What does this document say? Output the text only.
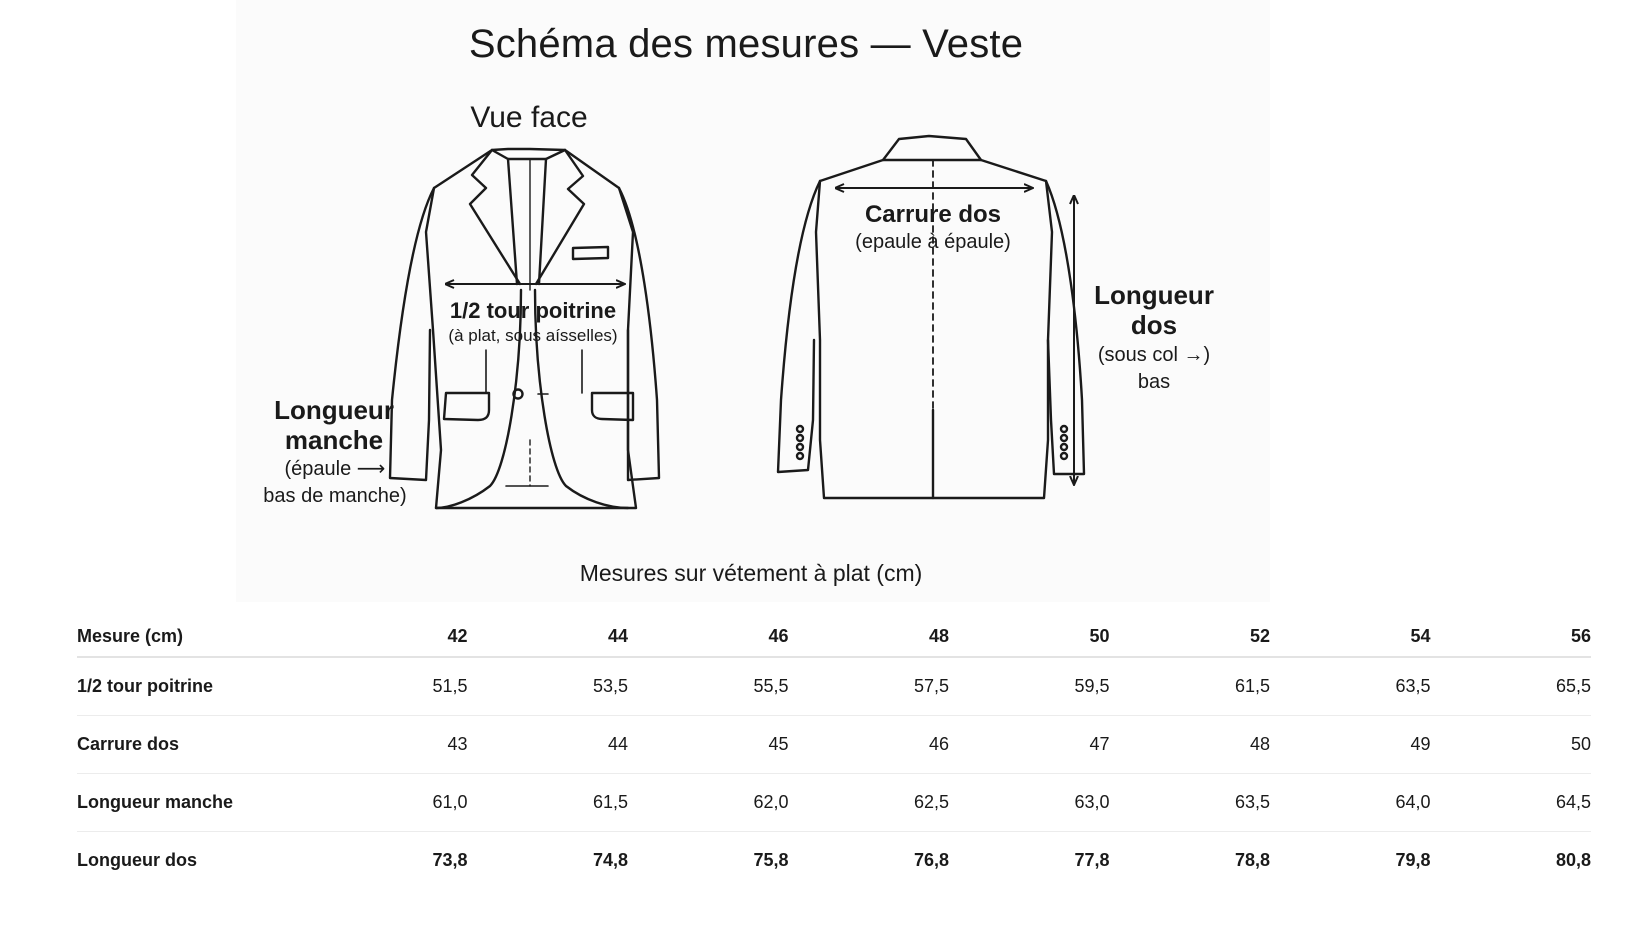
Schéma des mesures — Veste
Vue face
1/2 tour poitrine
(à plat, sous aísselles)
Longueur
manche
(épaule ⟶
bas de manche)
Carrure dos
(epaule à épaule)
Longueur
dos
(sous col →)
bas
Mesures sur vétement à plat (cm)
Mesure (cm)	42	44	46	48	50	52	54	56
1/2 tour poitrine	51,5	53,5	55,5	57,5	59,5	61,5	63,5	65,5
Carrure dos	43	44	45	46	47	48	49	50
Longueur manche	61,0	61,5	62,0	62,5	63,0	63,5	64,0	64,5
Longueur dos	73,8	74,8	75,8	76,8	77,8	78,8	79,8	80,8
